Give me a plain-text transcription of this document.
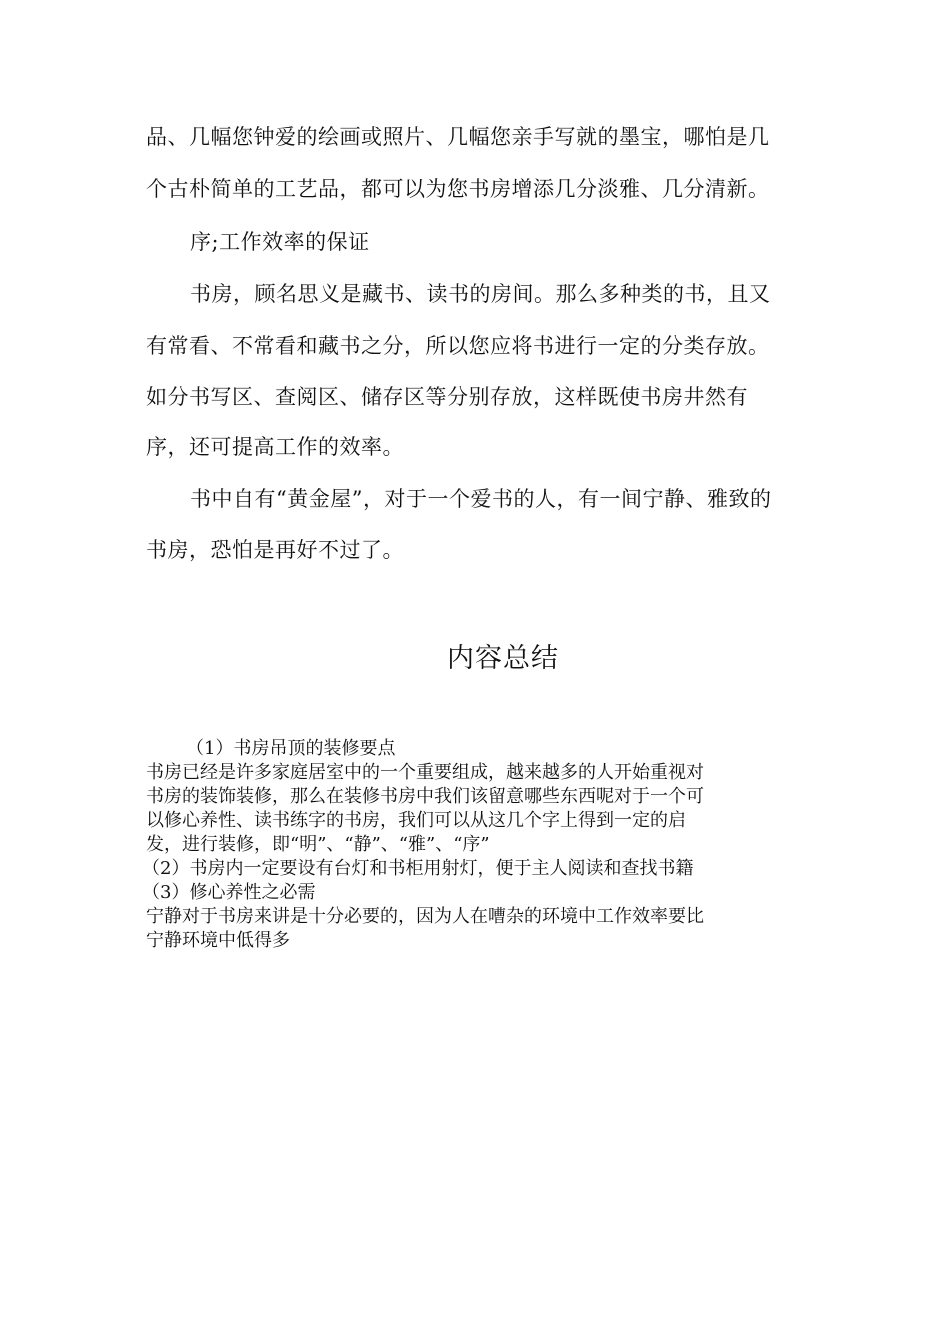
品、几幅您钟爱的绘画或照片、几幅您亲手写就的墨宝，哪怕是几
个古朴简单的工艺品，都可以为您书房增添几分淡雅、几分清新。
序;工作效率的保证
书房，顾名思义是藏书、读书的房间。那么多种类的书，且又
有常看、不常看和藏书之分，所以您应将书进行一定的分类存放。
如分书写区、查阅区、储存区等分别存放，这样既使书房井然有
序，还可提高工作的效率。
书中自有“黄金屋”，对于一个爱书的人，有一间宁静、雅致的
书房，恐怕是再好不过了。
内容总结
（1）书房吊顶的装修要点
书房已经是许多家庭居室中的一个重要组成，越来越多的人开始重视对
书房的装饰装修，那么在装修书房中我们该留意哪些东西呢对于一个可
以修心养性、读书练字的书房，我们可以从这几个字上得到一定的启
发，进行装修，即“明”、“静”、“雅”、“序”
（2）书房内一定要设有台灯和书柜用射灯，便于主人阅读和查找书籍
（3）修心养性之必需
宁静对于书房来讲是十分必要的，因为人在嘈杂的环境中工作效率要比
宁静环境中低得多
